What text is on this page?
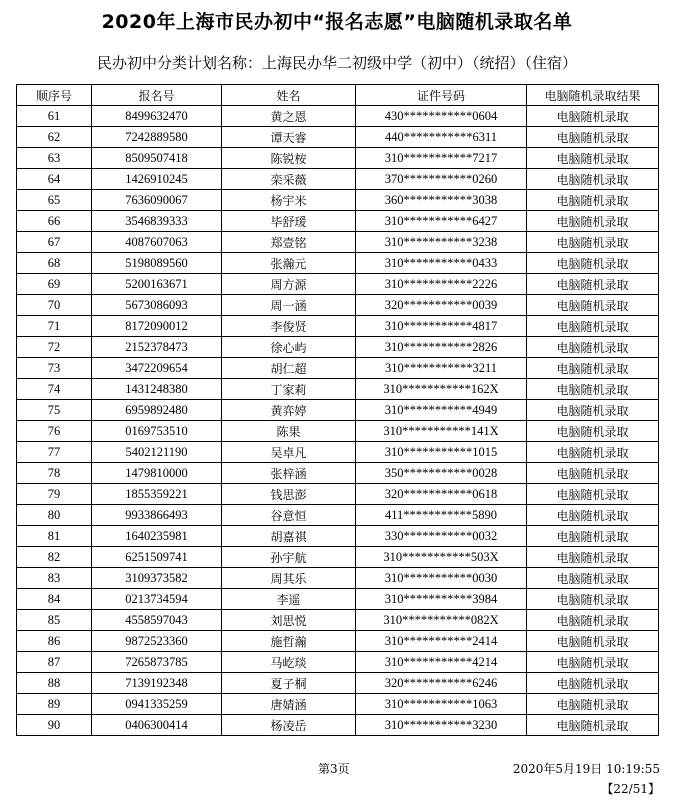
2020年上海市民办初中“报名志愿”电脑随机录取名单
民办初中分类计划名称：上海民办华二初级中学（初中）（统招）（住宿）
顺序号	报名号	姓名	证件号码	电脑随机录取结果
61	8499632470	黄之恩	430***********0604	电脑随机录取
62	7242889580	谭天睿	440***********6311	电脑随机录取
63	8509507418	陈锐桉	310***********7217	电脑随机录取
64	1426910245	栾采薇	370***********0260	电脑随机录取
65	7636090067	杨宇米	360***********3038	电脑随机录取
66	3546839333	毕舒瑗	310***********6427	电脑随机录取
67	4087607063	郑壹铭	310***********3238	电脑随机录取
68	5198089560	张瀚元	310***********0433	电脑随机录取
69	5200163671	周方源	310***********2226	电脑随机录取
70	5673086093	周一涵	320***********0039	电脑随机录取
71	8172090012	李俊贤	310***********4817	电脑随机录取
72	2152378473	徐心屿	310***********2826	电脑随机录取
73	3472209654	胡仁超	310***********3211	电脑随机录取
74	1431248380	丁家莉	310***********162X	电脑随机录取
75	6959892480	黄弈婷	310***********4949	电脑随机录取
76	0169753510	陈果	310***********141X	电脑随机录取
77	5402121190	吴卓凡	310***********1015	电脑随机录取
78	1479810000	张梓涵	350***********0028	电脑随机录取
79	1855359221	钱思澎	320***********0618	电脑随机录取
80	9933866493	谷意恒	411***********5890	电脑随机录取
81	1640235981	胡嘉祺	330***********0032	电脑随机录取
82	6251509741	孙宇航	310***********503X	电脑随机录取
83	3109373582	周其乐	310***********0030	电脑随机录取
84	0213734594	李遥	310***********3984	电脑随机录取
85	4558597043	刘思悦	310***********082X	电脑随机录取
86	9872523360	施哲瀚	310***********2414	电脑随机录取
87	7265873785	马屹琰	310***********4214	电脑随机录取
88	7139192348	夏子桐	320***********6246	电脑随机录取
89	0941335259	唐婧涵	310***********1063	电脑随机录取
90	0406300414	杨凌岳	310***********3230	电脑随机录取
第3页	2020年5月19日 10:19:55
【22/51】
